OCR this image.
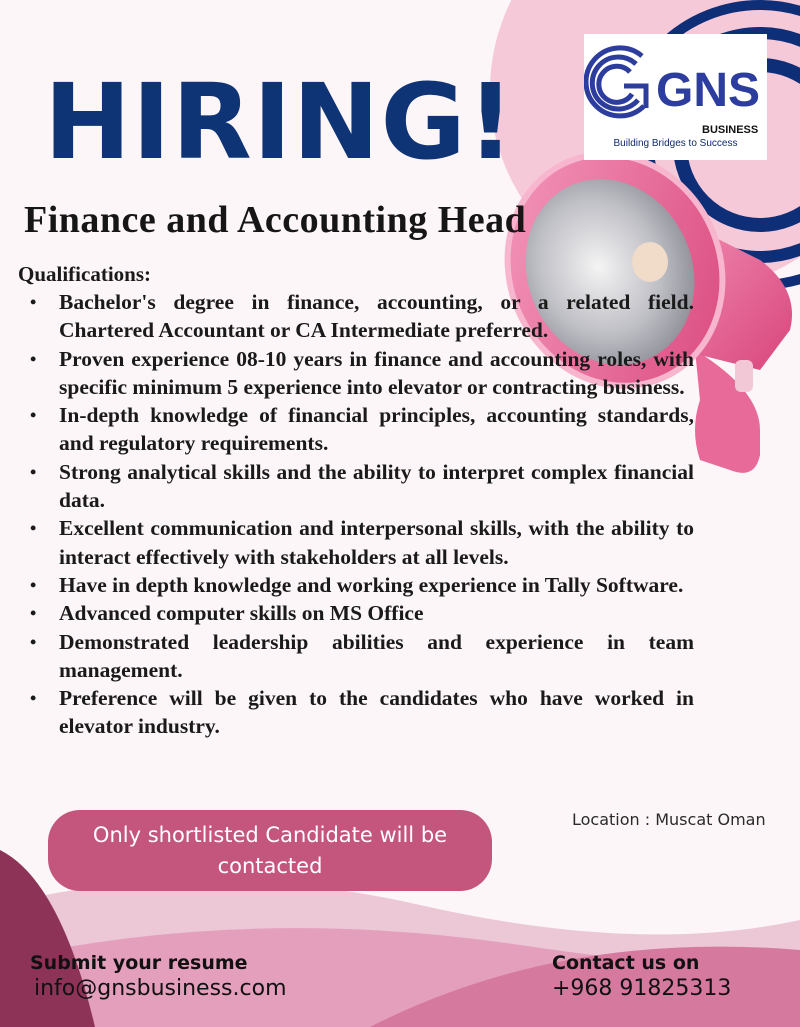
HIRING!	GNS

BUSINESS

Building Bridges to Success
Finance and Accounting Head
Qualifications:
• Bachelor's degree in finance, accounting, or a related field. Chartered Accountant or CA Intermediate preferred.
• Proven experience 08-10 years in finance and accounting roles, with specific minimum 5 experience into elevator or contracting business.
• In-depth knowledge of financial principles, accounting standards, and regulatory requirements.
• Strong analytical skills and the ability to interpret complex financial data.
• Excellent communication and interpersonal skills, with the ability to interact effectively with stakeholders at all levels.
• Have in depth knowledge and working experience in Tally Software.
• Advanced computer skills on MS Office
• Demonstrated leadership abilities and experience in team management.
• Preference will be given to the candidates who have worked in elevator industry.
Location : Muscat Oman
Only shortlisted Candidate will be contacted
Submit your resume
info@gnsbusiness.com
Contact us on
+968 91825313
